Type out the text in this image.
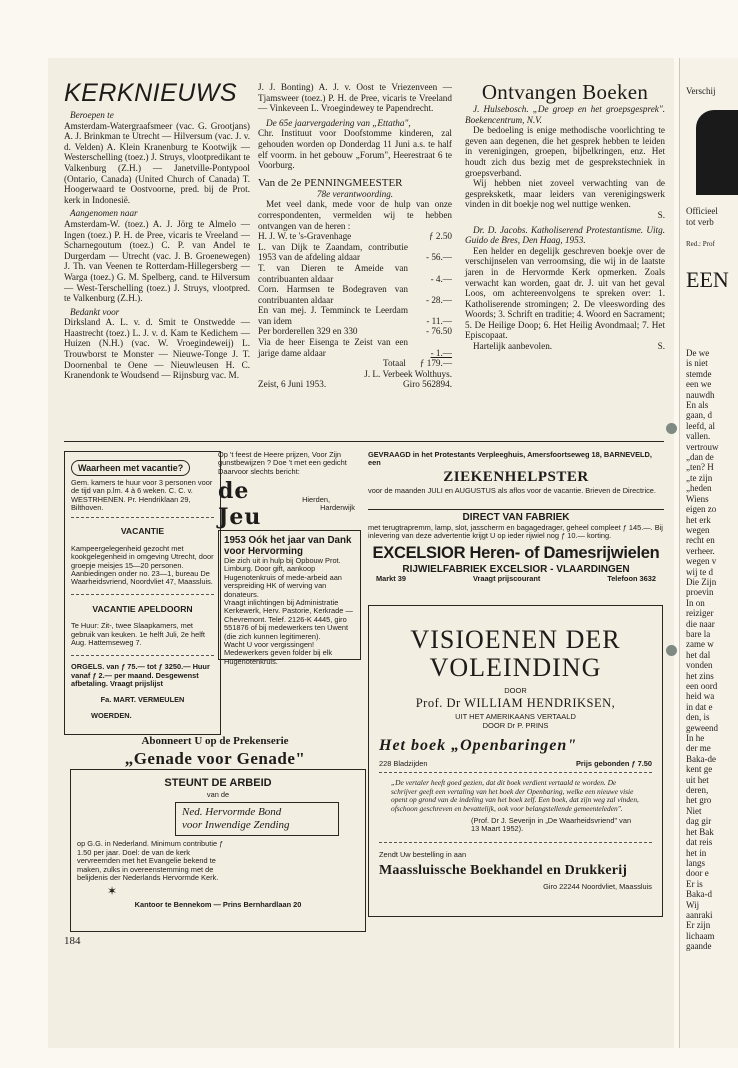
KERKNIEUWS

Beroepen te

Amsterdam-Watergraafsmeer (vac. G. Grootjans) A. J. Brinkman te Utrecht — Hilversum (vac. J. v. d. Velden) A. Klein Kranenburg te Kootwijk — Westerschelling (toez.) J. Struys, vlootpredikant te Valkenburg (Z.H.) — Janetville-Pontypool (Ontario, Canada) (United Church of Canada) T. Hoogerwaard te Oostvoorne, pred. bij de Prot. kerk in Indonesië.

Aangenomen naar

Amsterdam-W. (toez.) A. J. Jörg te Almelo — Ingen (toez.) P. H. de Pree, vicaris te Vreeland — Scharnegoutum (toez.) C. P. van Andel te Durgerdam — Utrecht (vac. J. B. Groenewegen) J. Th. van Veenen te Rotterdam-Hillegersberg — Warga (toez.) G. M. Spelberg, cand. te Hilversum — West-Terschelling (toez.) J. Struys, vlootpred. te Valkenburg (Z.H.).

Bedankt voor

Dirksland A. L. v. d. Smit te Onstwedde — Haastrecht (toez.) L. J. v. d. Kam te Kedichem — Huizen (N.H.) (vac. W. Vroegindeweij) L. Trouwborst te Monster — Nieuwe-Tonge J. T. Doornenbal te Oene — Nieuwleusen H. C. Kranendonk te Woudsend — Rijnsburg vac. M.

J. J. Bonting) A. J. v. Oost te Vriezenveen — Tjamsweer (toez.) P. H. de Pree, vicaris te Vreeland — Vinkeveen L. Vroegindewey te Papendrecht.

De 65e jaarvergadering van „Ettatha",

Chr. Instituut voor Doofstomme kinderen, zal gehouden worden op Donderdag 11 Juni a.s. te half elf voorm. in het gebouw „Forum", Heerestraat 6 te Voorburg.

Van de 2e PENNINGMEESTER

78e verantwoording.

Met veel dank, mede voor de hulp van onze correspondenten, vermelden wij te hebben ontvangen van de heren :

H. J. W. te 's-Gravenhage	ƒ 2.50
L. van Dijk te Zaandam, contributie 1953 van de afdeling aldaar	- 56.—
T. van Dieren te Ameide van contribuanten aldaar	- 4.—
Corn. Harmsen te Bodegraven van contribuanten aldaar	- 28.—
En van mej. J. Temminck te Leerdam van idem	- 11.—
Per borderellen 329 en 330	- 76.50
Via de heer Eisenga te Zeist van een jarige dame aldaar	- 1.—
Totaal ƒ 179.—

J. L. Verbeek Wolthuys.

Zeist, 6 Juni 1953.	Giro 562894.

Ontvangen Boeken

J. Hulsebosch. „De groep en het groepsgesprek". Boekencentrum, N.V.

De bedoeling is enige methodische voorlichting te geven aan degenen, die het gesprek hebben te leiden in verenigingen, groepen, bijbelkringen, enz. Het houdt zich dus bezig met de gesprekstechniek in groepsverband.

Wij hebben niet zoveel verwachting van de gespreksketk, maar leiders van verenigingswerk vinden in dit boekje nog wel nuttige wenken.

S.

Dr. D. Jacobs. Katholiserend Protestantisme. Uitg. Guido de Bres, Den Haag, 1953.

Een helder en degelijk geschreven boekje over de verschijnselen van verroomsing, die wij in de laatste jaren in de Hervormde Kerk opmerken. Zoals verwacht kan worden, gaat dr. J. uit van het geval Loos, om achtereenvolgens te spreken over: 1. Katholiserende stromingen; 2. De vleeswording des Woords; 3. Schrift en traditie; 4. Woord en Sacrament; 5. De Heilige Doop; 6. Het Heilig Avondmaal; 7. Het Episcopaat.

Hartelijk aanbevolen.	S.
Waarheen met vacantie?

Gem. kamers te huur voor 3 personen voor de tijd van p.lm. 4 à 6 weken. C. C. v. WESTRHENEN. Pr. Hendriklaan 29, Bilthoven.

VACANTIE

Kampeergelegenheid gezocht met kookgelegenheid in omgeving Utrecht, door groepje meisjes 15—20 personen. Aanbiedingen onder no. 23—1, bureau De Waarheidsvriend, Noordvliet 47, Maassluis.

VACANTIE APELDOORN

Te Huur: Zit-, twee Slaapkamers, met gebruik van keuken. 1e helft Juli, 2e helft Aug. Hattemseweg 7.

ORGELS. van ƒ 75.— tot ƒ 3250.— Huur vanaf ƒ 2.— per maand. Desgewenst afbetaling. Vraagt prijslijst

Fa. MART. VERMEULEN

WOERDEN.

Op 't feest de Heere prijzen, Voor Zijn gunstbewijzen ? Doe 't met een gedicht Daarvoor slechts bericht:

de Jeu
Hierden,
Harderwijk

1953 Oók het jaar van Dank voor Hervorming

Die zich uit in hulp bij Opbouw Prot. Limburg. Door gift, aankoop Hugenotenkruis of mede-arbeid aan verspreiding HK of werving van donateurs.

Vraagt inlichtingen bij Administratie Kerkewerk, Herv. Pastorie, Kerkrade — Chevremont. Telef. 2126-K 4445, giro 551876 of bij medewerkers ten Uwent (die zich kunnen legitimeren).

Wacht U voor vergissingen! Medewerkers geven folder bij elk Hugenotenkruis.

Abonneert U op de Prekenserie

„Genade voor Genade"

STEUNT DE ARBEID

van de

Ned. Hervormde Bond

voor Inwendige Zending

op G.G. in Nederland. Minimum contributie ƒ 1.50 per jaar. Doel: de van de kerk vervreemden met het Evangelie bekend te maken, zulks in overeenstemming met de belijdenis der Nederlands Hervormde Kerk.

✶

Kantoor te Bennekom — Prins Bernhardlaan 20

GEVRAAGD in het Protestants Verpleeghuis, Amersfoortseweg 18, BARNEVELD, een

ZIEKENHELPSTER

voor de maanden JULI en AUGUSTUS als aflos voor de vacantie. Brieven de Directrice.

DIRECT VAN FABRIEK

met terugtrapremm, lamp, slot, jasscherm en bagagedrager, geheel compleet ƒ 145.—. Bij inlevering van deze advertentie krijgt U op ieder rijwiel nog ƒ 10.— korting.

EXCELSIOR Heren- of Damesrijwielen

RIJWIELFABRIEK EXCELSIOR - VLAARDINGEN

Markt 39	Vraagt prijscourant	Telefoon 3632

VISIOENEN DER

VOLEINDING

DOOR

Prof. Dr WILLIAM HENDRIKSEN,

UIT HET AMERIKAANS VERTAALD

DOOR Dr P. PRINS

Het boek „Openbaringen"

228 Bladzijden	Prijs gebonden ƒ 7.50

„De vertaler heeft goed gezien, dat dit boek verdient vertaald te worden. De schrijver geeft een vertaling van het boek der Openbaring, welke een nieuwe visie opent op grond van de indeling van het boek zelf. Een boek, dat zijn weg zal vinden, ofschoon geschreven en bevattelijk, ook voor belangstellende gemeenteleden".

(Prof. Dr J. Severijn in „De Waarheidsvriend" van 13 Maart 1952).

Zendt Uw bestelling in aan

Maassluissche Boekhandel en Drukkerij

Giro 22244 Noordvliet, Maassluis

184

Verschij
Officieel
tot verb
Red.: Prof
EEN
De we
is niet
stemde
een we
nauwdh
En als
gaan, d
leefd, al
vallen.
vertrouw
„dan de
„ten? H
„te zijn
„heden
Wiens
eigen zo
het erk
wegen
recht en
verheer.
wegen v
wij te d
Die Zijn
proevin
In on
reiziger
die naar
bare la
zame w
het dal
vonden
het zins
een oord
heid wa
in dat e
den, is
geweend
In he
der me
Baka-de
kent ge
uit het
deren,
het gro
Niet
dag gir
het Bak
dat reis
het in
langs
door e
Er is
Baka-d
Wij
aanraki
Er zijn
lichaam
gaande
